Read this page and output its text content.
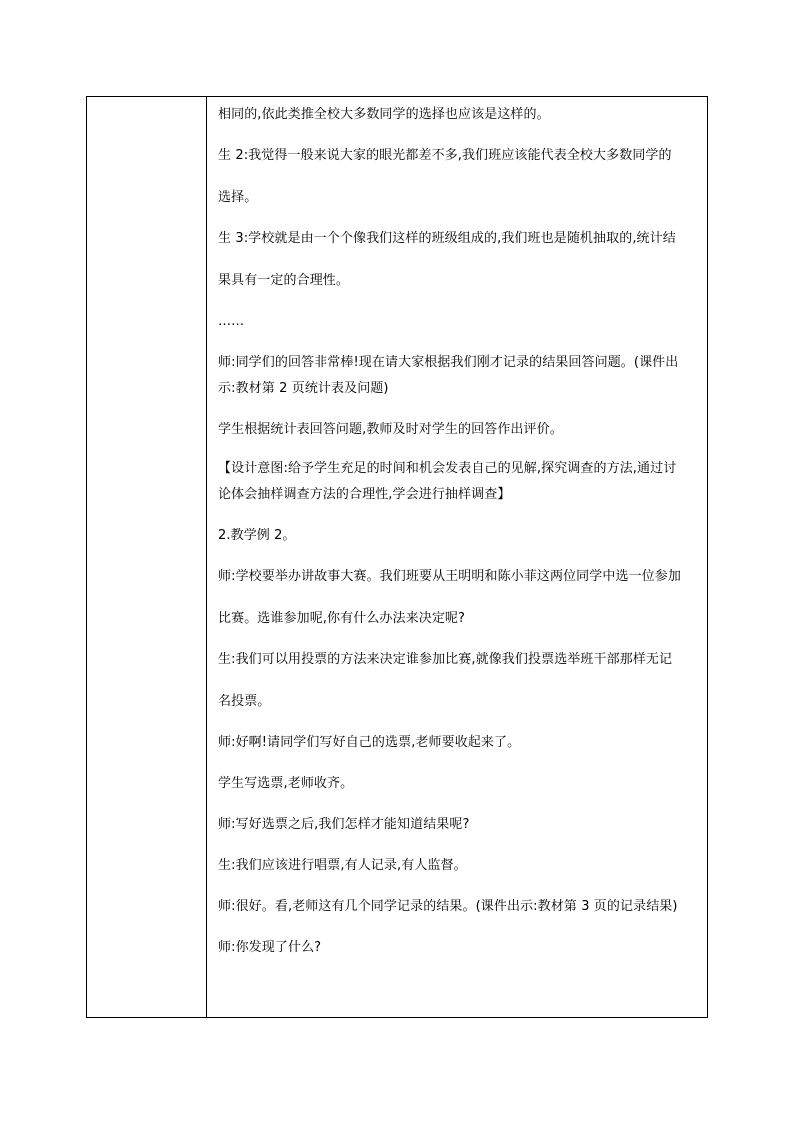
相同的,依此类推全校大多数同学的选择也应该是这样的。

生 2:我觉得一般来说大家的眼光都差不多,我们班应该能代表全校大多数同学的

选择。

生 3:学校就是由一个个像我们这样的班级组成的,我们班也是随机抽取的,统计结

果具有一定的合理性。

……

师:同学们的回答非常棒!现在请大家根据我们刚才记录的结果回答问题。(课件出

示:教材第 2 页统计表及问题)

学生根据统计表回答问题,教师及时对学生的回答作出评价。

【设计意图:给予学生充足的时间和机会发表自己的见解,探究调查的方法,通过讨

论体会抽样调查方法的合理性,学会进行抽样调查】

2.教学例 2。

师:学校要举办讲故事大赛。我们班要从王明明和陈小菲这两位同学中选一位参加

比赛。选谁参加呢,你有什么办法来决定呢?

生:我们可以用投票的方法来决定谁参加比赛,就像我们投票选举班干部那样无记

名投票。

师:好啊!请同学们写好自己的选票,老师要收起来了。

学生写选票,老师收齐。

师:写好选票之后,我们怎样才能知道结果呢?

生:我们应该进行唱票,有人记录,有人监督。

师:很好。看,老师这有几个同学记录的结果。(课件出示:教材第 3 页的记录结果)

师:你发现了什么?
